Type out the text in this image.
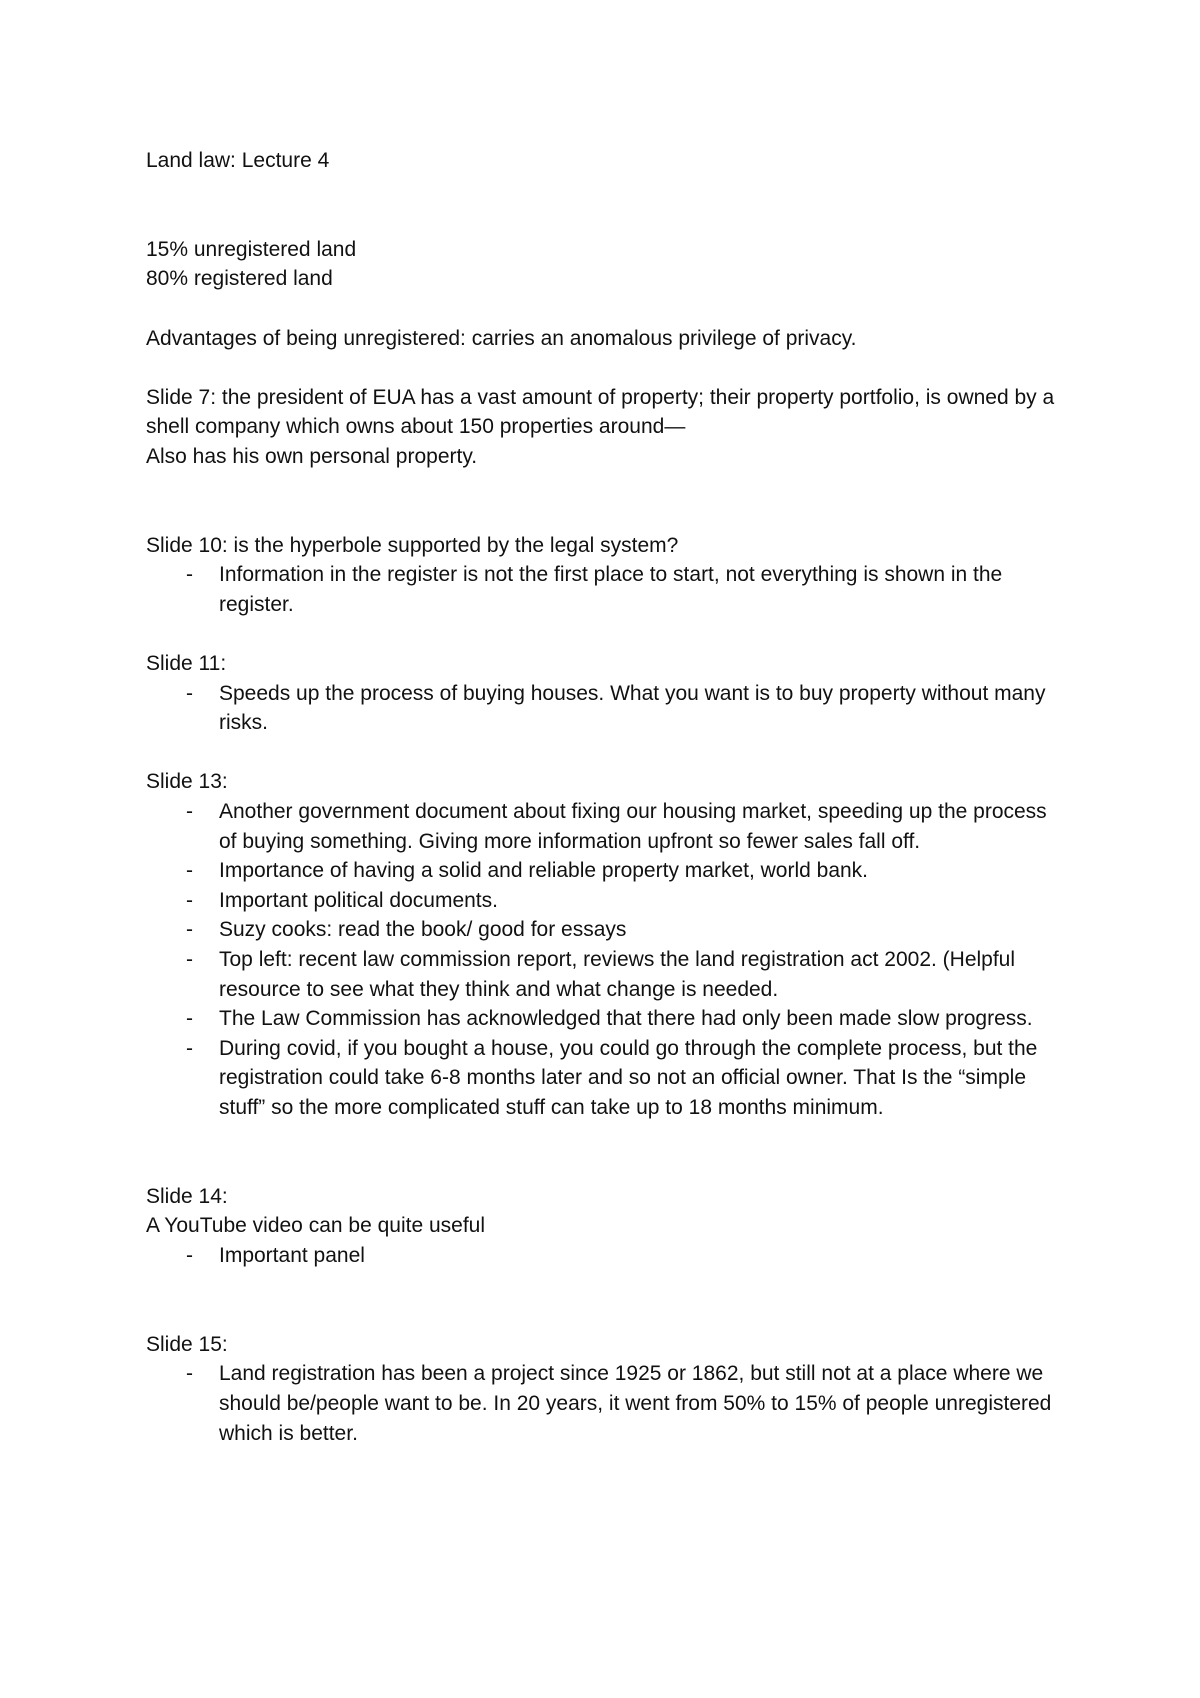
Land law: Lecture 4

15% unregistered land

80% registered land

Advantages of being unregistered: carries an anomalous privilege of privacy.

Slide 7: the president of EUA has a vast amount of property; their property portfolio, is owned by a shell company which owns about 150 properties around—

Also has his own personal property.

Slide 10: is the hyperbole supported by the legal system?

- Information in the register is not the first place to start, not everything is shown in the register.

Slide 11:

- Speeds up the process of buying houses. What you want is to buy property without many risks.

Slide 13:

- Another government document about fixing our housing market, speeding up the process of buying something. Giving more information upfront so fewer sales fall off.
- Importance of having a solid and reliable property market, world bank.
- Important political documents.
- Suzy cooks: read the book/ good for essays
- Top left: recent law commission report, reviews the land registration act 2002. (Helpful resource to see what they think and what change is needed.
- The Law Commission has acknowledged that there had only been made slow progress.
- During covid, if you bought a house, you could go through the complete process, but the registration could take 6-8 months later and so not an official owner. That Is the “simple stuff” so the more complicated stuff can take up to 18 months minimum.

Slide 14:

A YouTube video can be quite useful

- Important panel

Slide 15:

- Land registration has been a project since 1925 or 1862, but still not at a place where we should be/people want to be. In 20 years, it went from 50% to 15% of people unregistered which is better.
